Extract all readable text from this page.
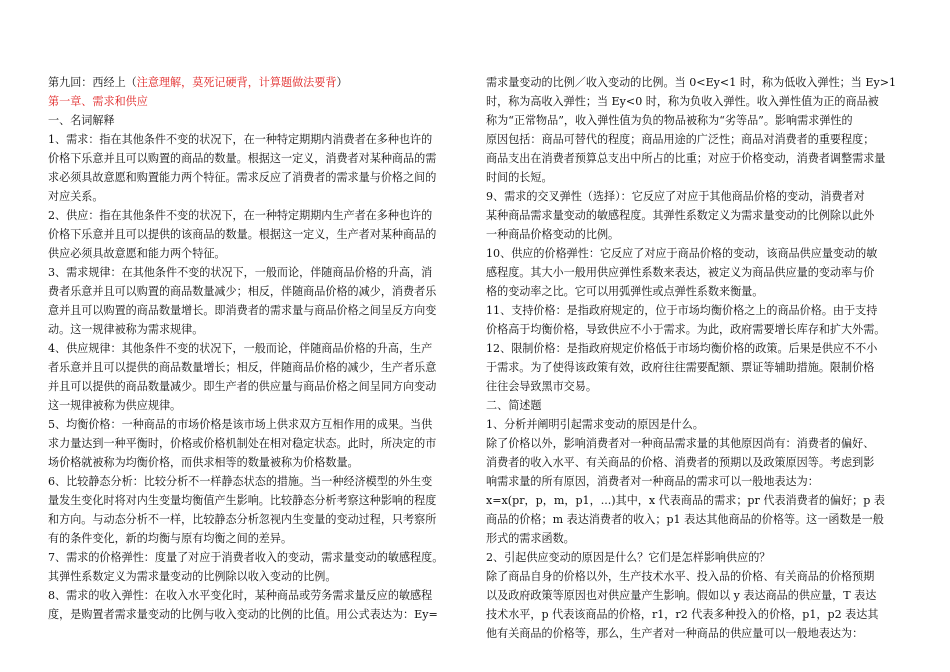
第九回：西经上（注意理解，莫死记硬背，计算题做法要背）
第一章、需求和供应
一、名词解释
1、需求：指在其他条件不变的状况下，在一种特定期期内消费者在多种也许的
价格下乐意并且可以购置的商品的数量。根据这一定义，消费者对某种商品的需
求必须具故意愿和购置能力两个特征。需求反应了消费者的需求量与价格之间的
对应关系。
2、供应：指在其他条件不变的状况下，在一种特定期期内生产者在多种也许的
价格下乐意并且可以提供的该商品的数量。根据这一定义，生产者对某种商品的
供应必须具故意愿和能力两个特征。
3、需求规律：在其他条件不变的状况下，一般而论，伴随商品价格的升高，消
费者乐意并且可以购置的商品数量减少；相反，伴随商品价格的减少，消费者乐
意并且可以购置的商品数量增长。即消费者的需求量与商品价格之间呈反方向变
动。这一规律被称为需求规律。
4、供应规律：其他条件不变的状况下，一般而论，伴随商品价格的升高，生产
者乐意并且可以提供的商品数量增长；相反，伴随商品价格的减少，生产者乐意
并且可以提供的商品数量减少。即生产者的供应量与商品价格之间呈同方向变动
这一规律被称为供应规律。
5、均衡价格：一种商品的市场价格是该市场上供求双方互相作用的成果。当供
求力量达到一种平衡时，价格或价格机制处在相对稳定状态。此时，所决定的市
场价格就被称为均衡价格，而供求相等的数量被称为价格数量。
6、比较静态分析：比较分析不一样静态状态的措施。当一种经济模型的外生变
量发生变化时将对内生变量均衡值产生影响。比较静态分析考察这种影响的程度
和方向。与动态分析不一样，比较静态分析忽视内生变量的变动过程，只考察所
有的条件变化，新的均衡与原有均衡之间的差异。
7、需求的价格弹性：度量了对应于消费者收入的变动，需求量变动的敏感程度。
其弹性系数定义为需求量变动的比例除以收入变动的比例。
8、需求的收入弹性：在收入水平变化时，某种商品或劳务需求量反应的敏感程
度，是购置者需求量变动的比例与收入变动的比例的比值。用公式表达为：Ey=
需求量变动的比例／收入变动的比例。当 0<Ey<1 时，称为低收入弹性；当 Ey>1
时，称为高收入弹性；当 Ey<0 时，称为负收入弹性。收入弹性值为正的商品被
称为“正常物品”，收入弹性值为负的物品被称为“劣等品”。影响需求弹性的
原因包括：商品可替代的程度；商品用途的广泛性；商品对消费者的重要程度；
商品支出在消费者预算总支出中所占的比重；对应于价格变动，消费者调整需求量
时间的长短。
9、需求的交叉弹性（选择）：它反应了对应于其他商品价格的变动，消费者对
某种商品需求量变动的敏感程度。其弹性系数定义为需求量变动的比例除以此外
一种商品价格变动的比例。
10、供应的价格弹性：它反应了对应于商品价格的变动，该商品供应量变动的敏
感程度。其大小一般用供应弹性系数来表达，被定义为商品供应量的变动率与价
格的变动率之比。它可以用弧弹性或点弹性系数来衡量。
11、支持价格：是指政府规定的，位于市场均衡价格之上的商品价格。由于支持
价格高于均衡价格，导致供应不小于需求。为此，政府需要增长库存和扩大外需。
12、限制价格：是指政府规定价格低于市场均衡价格的政策。后果是供应不不小
于需求。为了使得该政策有效，政府往往需要配额、票证等辅助措施。限制价格
往往会导致黑市交易。
二、简述题
1、分析并阐明引起需求变动的原因是什么。
除了价格以外，影响消费者对一种商品需求量的其他原因尚有：消费者的偏好、
消费者的收入水平、有关商品的价格、消费者的预期以及政策原因等。考虑到影
响需求量的所有原因，消费者对一种商品的需求可以一般地表达为：
x=x(pr，p，m，p1，...)其中，x 代表商品的需求；pr 代表消费者的偏好；p 表
商品的价格；m 表达消费者的收入；p1 表达其他商品的价格等。这一函数是一般
形式的需求函数。
2、引起供应变动的原因是什么？它们是怎样影响供应的？
除了商品自身的价格以外，生产技术水平、投入品的价格、有关商品的价格预期
以及政府政策等原因也对供应量产生影响。假如以 y 表达商品的供应量，T 表达
技术水平，p 代表该商品的价格，r1，r2 代表多种投入的价格，p1，p2 表达其
他有关商品的价格等，那么，生产者对一种商品的供应量可以一般地表达为：
